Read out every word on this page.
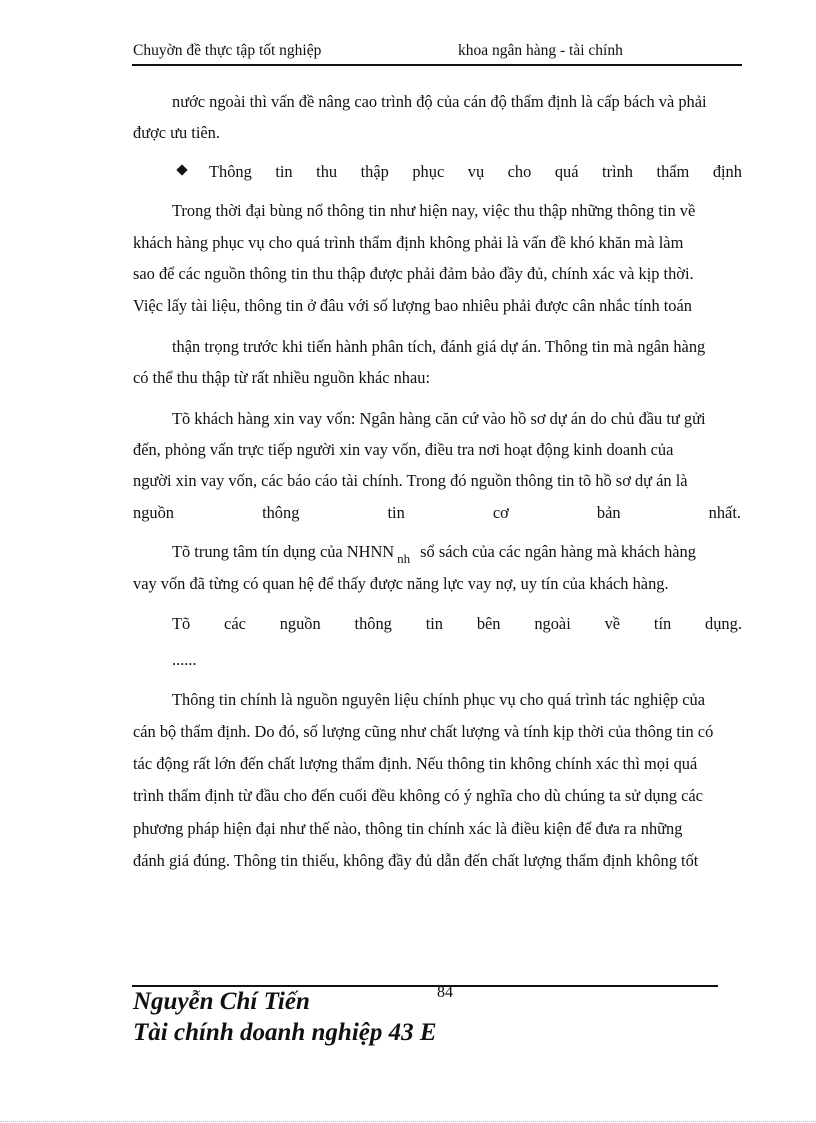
Chuyờn đề thực tập tốt nghiệp	khoa ngân hàng - tài chính
nước ngoài thì vấn đề nâng cao trình độ của cán độ thẩm định là cấp bách và phải
được ưu tiên.
Thông tin thu thập phục vụ cho quá trình thẩm định
Trong thời đại bùng nổ thông tin như hiện nay, việc thu thập những thông tin về
khách hàng phục vụ cho quá trình thẩm định không phải là vấn đề khó khăn mà làm
sao để các nguồn thông tin thu thập được phải đảm bảo đầy đủ, chính xác và kịp thời.
Việc lấy tài liệu, thông tin ở đâu với số lượng bao nhiêu phải được cân nhắc tính toán
thận trọng trước khi tiến hành phân tích, đánh giá dự án. Thông tin mà ngân hàng
có thể thu thập từ rất nhiều nguồn khác nhau:
Tõ khách hàng xin vay vốn: Ngân hàng căn cứ vào hồ sơ dự án do chủ đầu tư gửi
đến, phỏng vấn trực tiếp người xin vay vốn, điều tra nơi hoạt động kinh doanh của
người xin vay vốn, các báo cáo tài chính. Trong đó nguồn thông tin tõ hồ sơ dự án là
nguồn	thông	tin	cơ	bản	nhất.
Tõ trung tâm tín dụng của NHNN $_{nh}$ sổ sách của các ngân hàng mà khách hàng
vay vốn đã từng có quan hệ để thấy được năng lực vay nợ, uy tín của khách hàng.
Tõ các nguồn thông tin bên ngoài về tín dụng.
......
Thông tin chính là nguồn nguyên liệu chính phục vụ cho quá trình tác nghiệp của
cán bộ thẩm định. Do đó, số lượng cũng như chất lượng và tính kịp thời của thông tin có
tác động rất lớn đến chất lượng thẩm định. Nếu thông tin không chính xác thì mọi quá
trình thẩm định từ đầu cho đến cuối đều không có ý nghĩa cho dù chúng ta sử dụng các
phương pháp hiện đại như thế nào, thông tin chính xác là điều kiện để đưa ra những
đánh giá đúng. Thông tin thiếu, không đầy đủ dẫn đến chất lượng thẩm định không tốt
84
Nguyễn Chí Tiến
Tài chính doanh nghiệp 43 E
